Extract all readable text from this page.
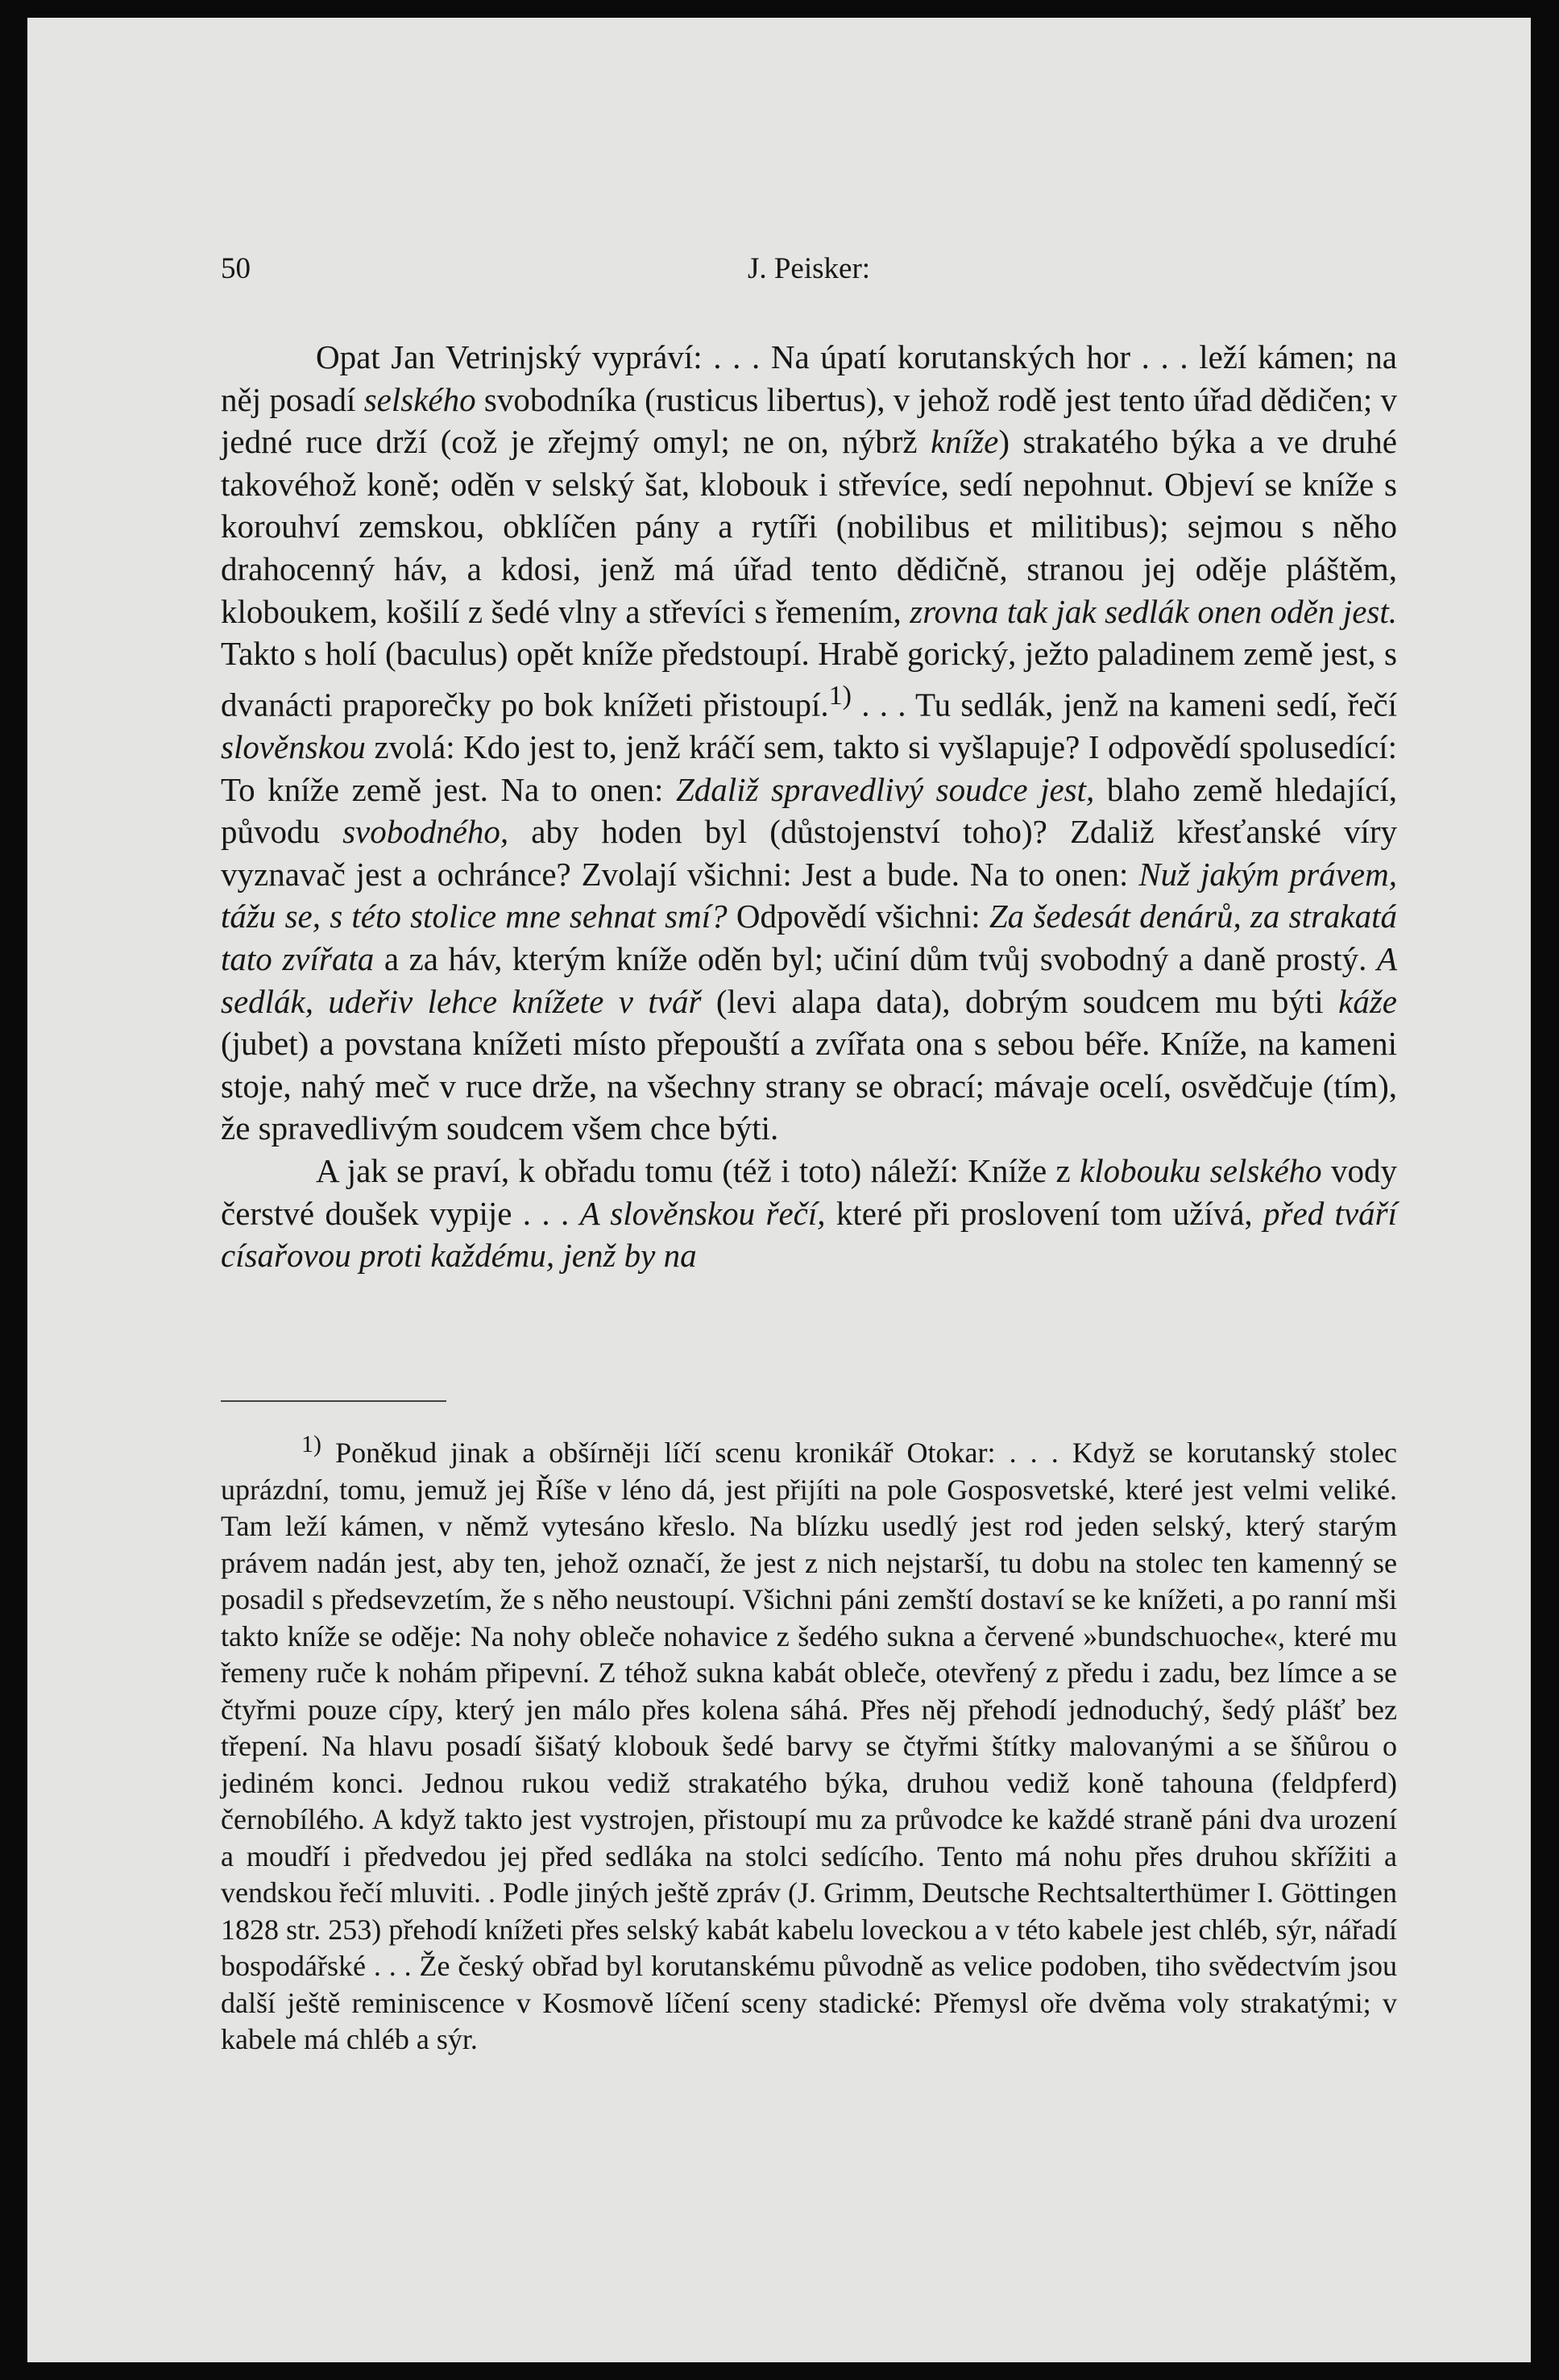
50	J. Peisker:

Opat Jan Vetrinjský vypráví: . . . Na úpatí korutanských hor . . . leží kámen; na něj posadí selského svobodníka (rusticus libertus), v jehož rodě jest tento úřad dědičen; v jedné ruce drží (což je zřejmý omyl; ne on, nýbrž kníže) strakatého býka a ve druhé takovéhož koně; oděn v selský šat, klobouk i střevíce, sedí nepohnut. Objeví se kníže s korouhví zemskou, obklíčen pány a rytíři (nobilibus et militibus); sejmou s něho drahocenný háv, a kdosi, jenž má úřad tento dědičně, stranou jej oděje pláštěm, kloboukem, košilí z šedé vlny a střevíci s řemením, zrovna tak jak sedlák onen oděn jest. Takto s holí (baculus) opět kníže předstoupí. Hrabě gorický, ježto paladinem země jest, s dvanácti praporečky po bok knížeti přistoupí.$^{1)}$ . . . Tu sedlák, jenž na kameni sedí, řečí slověnskou zvolá: Kdo jest to, jenž kráčí sem, takto si vyšlapuje? I odpovědí spolusedící: To kníže země jest. Na to onen: Zdaliž spravedlivý soudce jest, blaho země hledající, původu svobodného, aby hoden byl (důstojenství toho)? Zdaliž křesťanské víry vyznavač jest a ochránce? Zvolají všichni: Jest a bude. Na to onen: Nuž jakým právem, tážu se, s této stolice mne sehnat smí? Odpovědí všichni: Za šedesát denárů, za strakatá tato zvířata a za háv, kterým kníže oděn byl; učiní dům tvůj svobodný a daně prostý. A sedlák, udeřiv lehce knížete v tvář (levi alapa data), dobrým soudcem mu býti káže (jubet) a povstana knížeti místo přepouští a zvířata ona s sebou béře. Kníže, na kameni stoje, nahý meč v ruce drže, na všechny strany se obrací; mávaje ocelí, osvědčuje (tím), že spravedlivým soudcem všem chce býti.

A jak se praví, k obřadu tomu (též i toto) náleží: Kníže z klobouku selského vody čerstvé doušek vypije . . . A slověnskou řečí, které při proslovení tom užívá, před tváří císařovou proti každému, jenž by na

$^{1)}$ Poněkud jinak a obšírněji líčí scenu kronikář Otokar: . . . Když se korutanský stolec uprázdní, tomu, jemuž jej Říše v léno dá, jest přijíti na pole Gosposvetské, které jest velmi veliké. Tam leží kámen, v němž vytesáno křeslo. Na blízku usedlý jest rod jeden selský, který starým právem nadán jest, aby ten, jehož označí, že jest z nich nejstarší, tu dobu na stolec ten kamenný se posadil s předsevzetím, že s něho neustoupí. Všichni páni zemští dostaví se ke knížeti, a po ranní mši takto kníže se oděje: Na nohy obleče nohavice z šedého sukna a červené »bundschuoche«, které mu řemeny ruče k nohám připevní. Z téhož sukna kabát obleče, otevřený z předu i zadu, bez límce a se čtyřmi pouze cípy, který jen málo přes kolena sáhá. Přes něj přehodí jednoduchý, šedý plášť bez třepení. Na hlavu posadí šišatý klobouk šedé barvy se čtyřmi štítky malovanými a se šňůrou o jediném konci. Jednou rukou vediž strakatého býka, druhou vediž koně tahouna (feldpferd) černobílého. A když takto jest vystrojen, přistoupí mu za průvodce ke každé straně páni dva urození a moudří i předvedou jej před sedláka na stolci sedícího. Tento má nohu přes druhou skřížiti a vendskou řečí mluviti. . Podle jiných ještě zpráv (J. Grimm, Deutsche Rechtsalterthümer I. Göttingen 1828 str. 253) přehodí knížeti přes selský kabát kabelu loveckou a v této kabele jest chléb, sýr, nářadí bospodářské . . . Že český obřad byl korutanskému původně as velice podoben, tiho svědectvím jsou další ještě reminiscence v Kosmově líčení sceny stadické: Přemysl oře dvěma voly strakatými; v kabele má chléb a sýr.
